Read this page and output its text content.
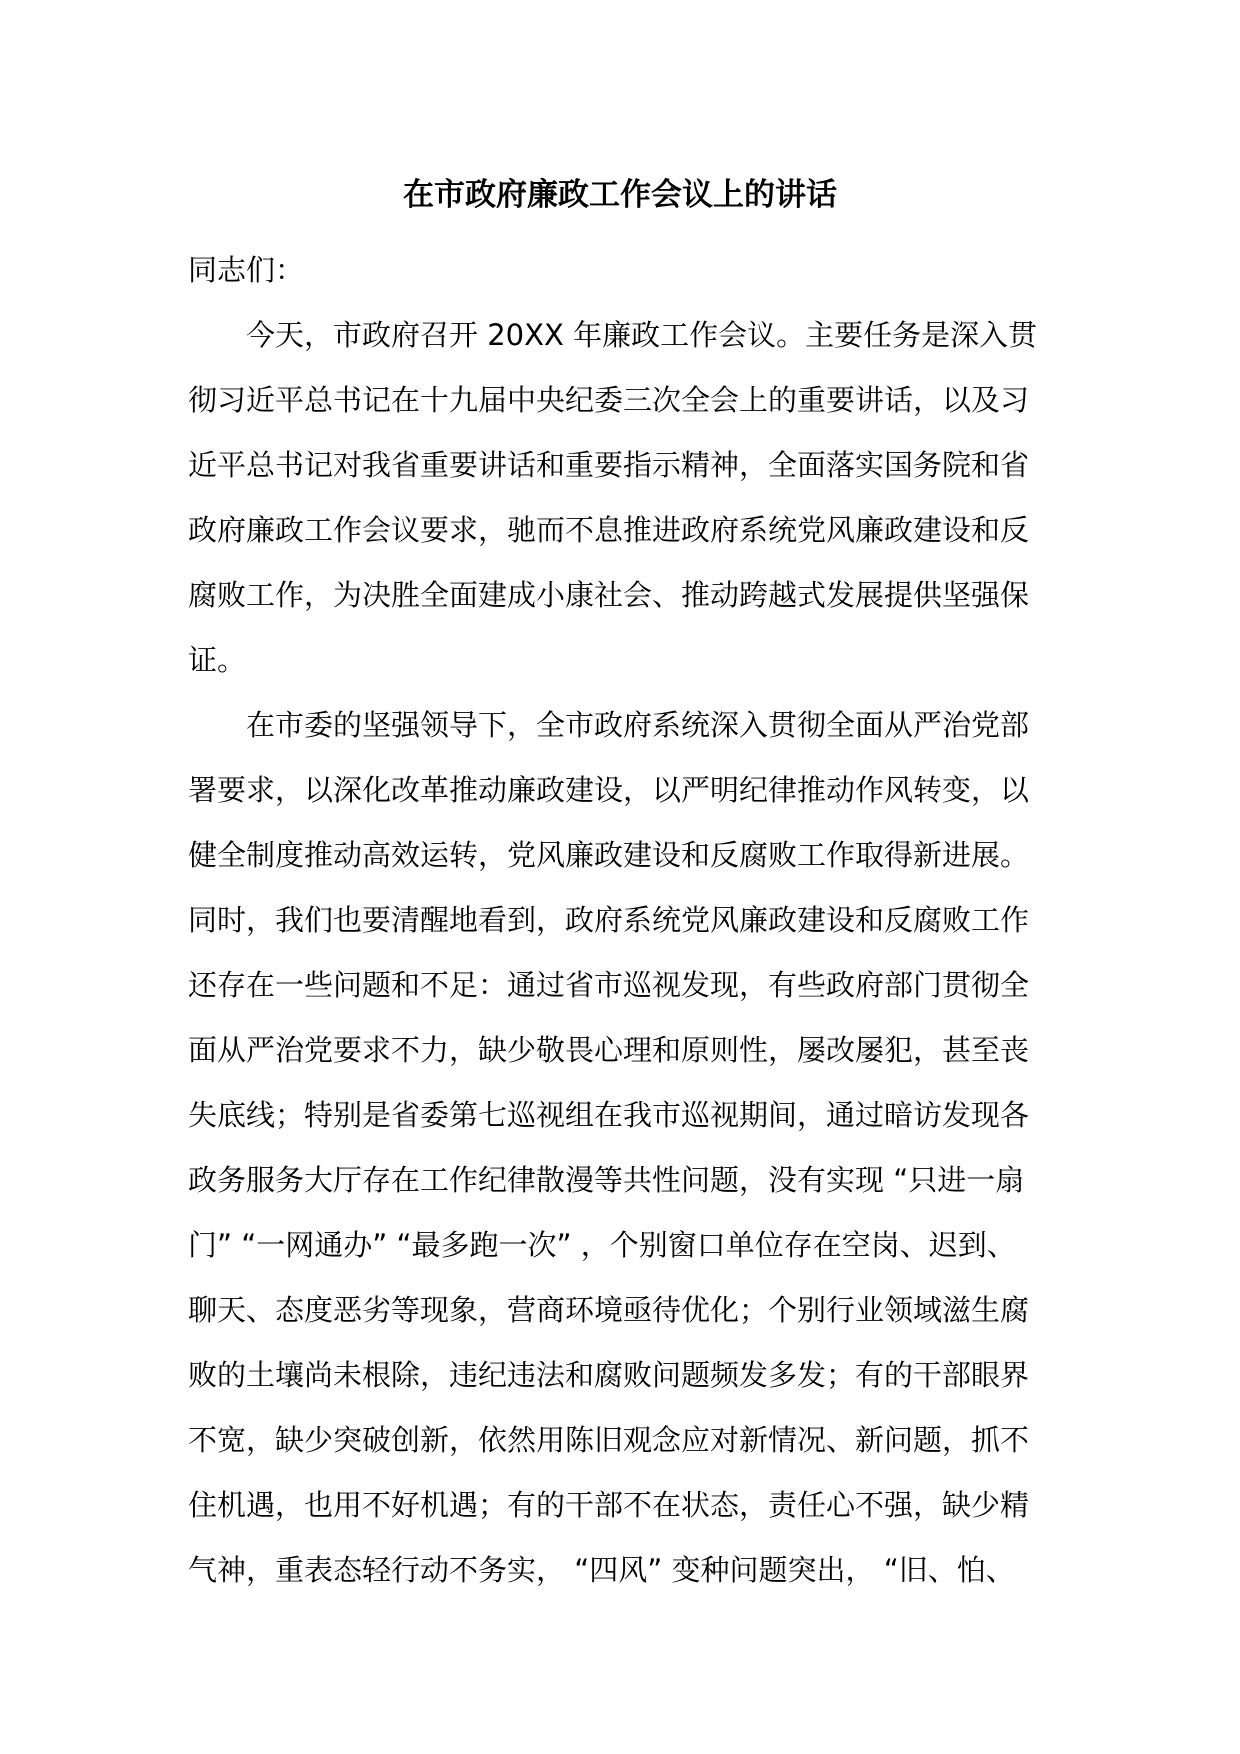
在市政府廉政工作会议上的讲话
同志们：
今天，市政府召开 20XX 年廉政工作会议。主要任务是深入贯
彻习近平总书记在十九届中央纪委三次全会上的重要讲话，以及习
近平总书记对我省重要讲话和重要指示精神，全面落实国务院和省
政府廉政工作会议要求，驰而不息推进政府系统党风廉政建设和反
腐败工作，为决胜全面建成小康社会、推动跨越式发展提供坚强保
证。
在市委的坚强领导下，全市政府系统深入贯彻全面从严治党部
署要求，以深化改革推动廉政建设，以严明纪律推动作风转变，以
健全制度推动高效运转，党风廉政建设和反腐败工作取得新进展。
同时，我们也要清醒地看到，政府系统党风廉政建设和反腐败工作
还存在一些问题和不足：通过省市巡视发现，有些政府部门贯彻全
面从严治党要求不力，缺少敬畏心理和原则性，屡改屡犯，甚至丧
失底线；特别是省委第七巡视组在我市巡视期间，通过暗访发现各
政务服务大厅存在工作纪律散漫等共性问题，没有实现 “只进一扇
门” “一网通办” “最多跑一次” ，个别窗口单位存在空岗、迟到、
聊天、态度恶劣等现象，营商环境亟待优化；个别行业领域滋生腐
败的土壤尚未根除，违纪违法和腐败问题频发多发；有的干部眼界
不宽，缺少突破创新，依然用陈旧观念应对新情况、新问题，抓不
住机遇，也用不好机遇；有的干部不在状态，责任心不强，缺少精
气神，重表态轻行动不务实， “四风” 变种问题突出， “旧、怕、
